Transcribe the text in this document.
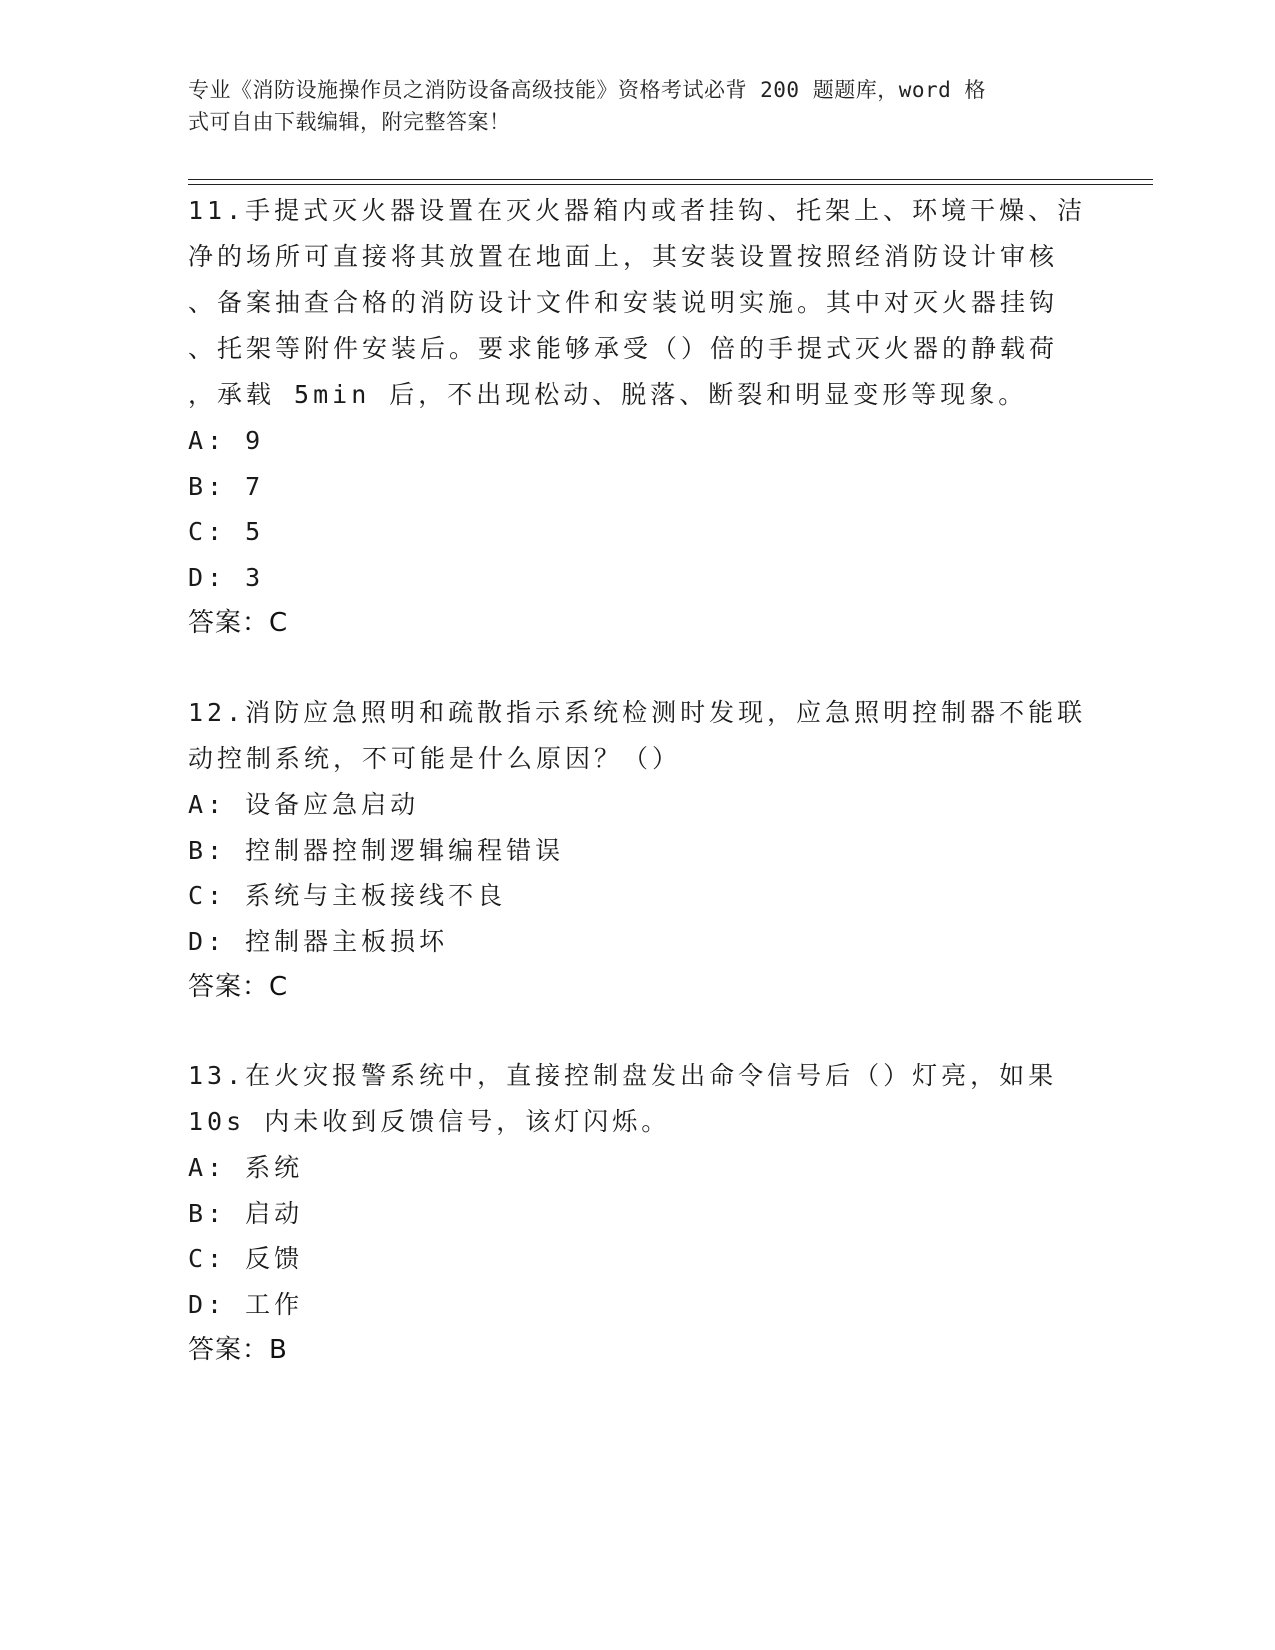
专业《消防设施操作员之消防设备高级技能》资格考试必背 200 题题库，word 格
式可自由下载编辑，附完整答案！

11.手提式灭火器设置在灭火器箱内或者挂钩、托架上、环境干燥、洁

净的场所可直接将其放置在地面上，其安装设置按照经消防设计审核

、备案抽查合格的消防设计文件和安装说明实施。其中对灭火器挂钩

、托架等附件安装后。要求能够承受（）倍的手提式灭火器的静载荷

，承载 5min 后，不出现松动、脱落、断裂和明显变形等现象。

A: 9

B: 7

C: 5

D: 3

答案：C

12.消防应急照明和疏散指示系统检测时发现，应急照明控制器不能联

动控制系统，不可能是什么原因？（）

A: 设备应急启动

B: 控制器控制逻辑编程错误

C: 系统与主板接线不良

D: 控制器主板损坏

答案：C

13.在火灾报警系统中，直接控制盘发出命令信号后（）灯亮，如果

10s 内未收到反馈信号，该灯闪烁。

A: 系统

B: 启动

C: 反馈

D: 工作

答案：B
